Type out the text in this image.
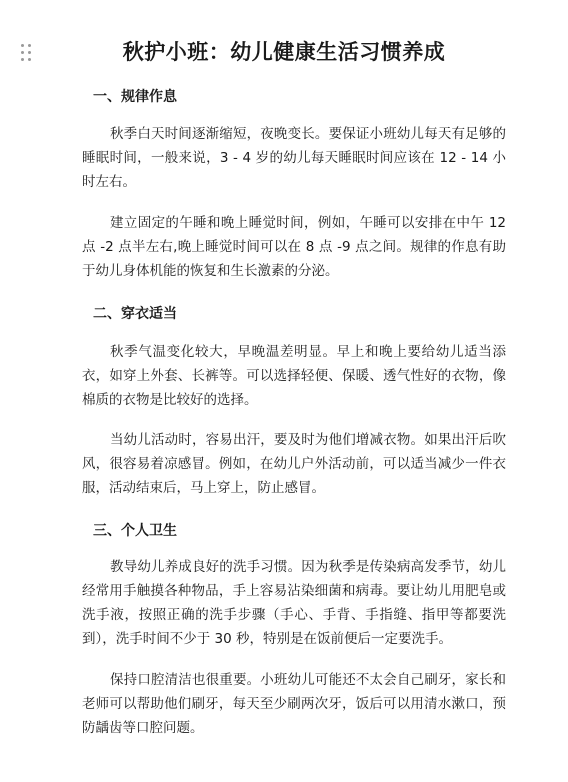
秋护小班：幼儿健康生活习惯养成
一、规律作息

秋季白天时间逐渐缩短，夜晚变长。要保证小班幼儿每天有足够的睡眠时间，一般来说，3 - 4 岁的幼儿每天睡眠时间应该在 12 - 14 小时左右。

建立固定的午睡和晚上睡觉时间，例如，午睡可以安排在中午 12 点 -2 点半左右,晚上睡觉时间可以在 8 点 -9 点之间。规律的作息有助于幼儿身体机能的恢复和生长激素的分泌。

二、穿衣适当

秋季气温变化较大，早晚温差明显。早上和晚上要给幼儿适当添衣，如穿上外套、长裤等。可以选择轻便、保暖、透气性好的衣物，像棉质的衣物是比较好的选择。

当幼儿活动时，容易出汗，要及时为他们增减衣物。如果出汗后吹风，很容易着凉感冒。例如，在幼儿户外活动前，可以适当减少一件衣服，活动结束后，马上穿上，防止感冒。

三、个人卫生

教导幼儿养成良好的洗手习惯。因为秋季是传染病高发季节，幼儿经常用手触摸各种物品，手上容易沾染细菌和病毒。要让幼儿用肥皂或洗手液，按照正确的洗手步骤（手心、手背、手指缝、指甲等都要洗到），洗手时间不少于 30 秒，特别是在饭前便后一定要洗手。

保持口腔清洁也很重要。小班幼儿可能还不太会自己刷牙，家长和老师可以帮助他们刷牙，每天至少刷两次牙，饭后可以用清水漱口，预防龋齿等口腔问题。
